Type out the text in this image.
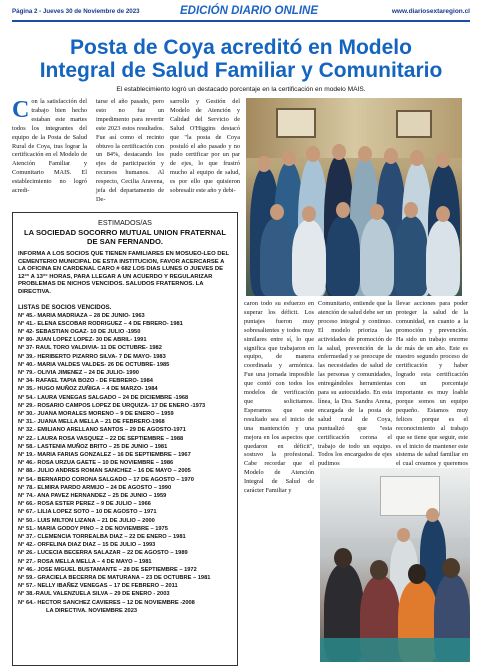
Página 2 - Jueves 30 de Noviembre de 2023	EDICIÓN DIARIO ONLINE	www.diariosextaregion.cl
Posta de Coya acreditó en Modelo
Integral de Salud Familiar y Comunitario
El establecimiento logró un destacado porcentaje en la certificación en modelo MAIS.
Con la satisfacción del trabajo bien hecho estaban este martes todos los integrantes del equipo de la Posta de Salud Rural de Coya, tras lograr la certificación en el Modelo de Atención Familiar y Comunitario MAIS. El establecimiento no logró acredi-
tarse el año pasado, pero esto no fue un impedimento para revertir este 2023 estos resultados. Fue así como el recinto obtuvo la certificación con un 84%, destacando los ejes de participación y recursos humanos. Al respecto, Cecilia Aravena, jefa del departamento de De-
sarrollo y Gestión del Modelo de Atención y Calidad del Servicio de Salud O'Higgins destacó que "la posta de Coya postuló el año pasado y no pudo certificar por un par de ejes, lo que frustró mucho al equipo de salud, es por ello que quisieron sobresalir este año y debi-
ESTIMADOS/AS
LA SOCIEDAD SOCORRO MUTUAL UNION FRATERNAL DE SAN FERNANDO.
INFORMA A LOS SOCIOS QUE TIENEN FAMILIARES EN MOSUEO-LEO DEL CEMENTERIO MUNICIPAL DE ESTA INSTITUCION, FAVOR ACERCARSE A LA OFICINA EN CARDENAL CARO # 682 LOS DIAS LUNES O JUEVES DE 12°° A 13°° HORAS, PARA LLEGAR A UN ACUERDO Y REGULARIZAR PROBLEMAS DE NICHOS VENCIDOS. SALUDOS FRATERNOS. LA DIRECTIVA.
LISTAS DE SOCIOS VENCIDOS.
N° 45.- MARIA MADRIAZA – 28 DE JUNIO- 1963
N° 41.- ELENA ESCOBAR RODRIGUEZ – 4 DE FBRERO- 1981
N° 42- SEBASTIAN OGAZ- 10 DE JULIO -1950
N° 80- JUAN LOPEZ LOPEZ- 30 DE ABRIL- 1991
N° 37- RAUL TORO VALDIVIA- 11 DE OCTUBRE- 1982
N° 39.- HERIBERTO PIZARRO SILVA- 7 DE MAYO- 1983
N° 40.- MARIA VALDES VALDES- 26 DE OCTUBRE- 1985
N° 79.- OLIVIA JIMENEZ – 24 DE JULIO- 1990
N° 34- RAFAEL TAPIA BOZO - DE FEBRERO- 1984
N° 35.- HUGO MUÑOZ ZUÑIGA – 4 DE MARZO- 1984
N° 54.- LAURA VENEGAS SALGADO – 24 DE DICIEMBRE -1968
N° 29.- ROSARIO CAMPOS LOPEZ DE URQUIZA- 17 DE ENERO -1973
N° 30.- JUANA MORALES MORENO – 9 DE ENERO – 1959
N° 31.- JUANA MELLA MELLA – 21 DE FEBRERO-1968
N° 32.- EMILIANO ARELLANO SANTOS – 29 DE AGOSTO-1971
N° 22.- LAURA ROSA VASQUEZ – 22 DE SEPTIEMBRE – 1988
N° 58.- LASTENIA MUÑOZ BRITO – 25 DE JUNIO – 1981
N° 19.- MARIA FARIAS GONZALEZ – 16 DE SEPTIEMBRE – 1967
N° 46.- ROSA URZUA GAETE – 10 DE NOVIEMBRE – 1986
N° 88.- JULIO ANDRES ROMAN SANCHEZ – 16 DE MAYO – 2005
N° 54.- BERNARDO CORONA SALGADO – 17 DE AGOSTO – 1970
N° 78.- ELMIRA PARDO ARMIJO – 24 DE AGOSTO – 1990
N° 74.- ANA PAVEZ HERNANDEZ – 25 DE JUNIO – 1959
N° 66.- ROSA ESTER PEREZ – 9 DE JULIO – 1966
N° 67.- LILIA LOPEZ SOTO – 10 DE AGOSTO – 1971
N° 50.- LUIS MILTON LIZANA – 21 DE JULIO – 2000
N° 51.- MARIA GODOY PINO – 2 DE NOVIEMBRE – 1975
N° 37.- CLEMENCIA TORREALBA DIAZ – 22 DE ENERO – 1981
N° 42.- ORFELINA DIAZ DIAZ – 15 DE JULIO – 1993
N° 26.- LUCECIA BECERRA SALAZAR – 22 DE AGOSTO – 1989
N° 27.- ROSA MELLA MELLA – 4 DE MAYO – 1981
N° 46.- JOSE MIGUEL BUSTAMANTE – 28 DE SEPTIEMBRE – 1972
N° 59.- GRACIELA BECERRA DE MATURANA – 23 DE OCTUBRE – 1981
N° 57.- NELLY IBAÑEZ VENEGAS – 17 DE FEBRERO – 2011
N° 38.-RAUL VALENZUELA SILVA – 29 DE ENERO - 2003
N° 64.- HECTOR SANCHEZ CAVIERES – 12 DE NOVIEMBRE -2008
LA DIRECTIVA. NOVIEMBRE 2023
caron todo su esfuerzo en superar los déficit. Los puntajes fueron muy sobresalientes y todos muy similares entre sí, lo que significa que trabajaron en equipo, de manera coordinada y armónica. Fue una jornada imposible que contó con todos los modelos de verificación que solicitamos. Esperamos que este resultado sea el inicio de una mantención y una mejora en los aspectos que quedaron en déficit", sostuvo la profesional. Cabe recordar que el Modelo de Atención Integral de Salud de carácter Familiar y
Comunitario, entiende que la atención de salud debe ser un proceso integral y continuo. El modelo prioriza las actividades de promoción de la salud, prevención de la enfermedad y se preocupe de las necesidades de salud de las personas y comunidades, entregándoles herramientas para su autocuidado. En esta línea, la Dra. Sandra Arena, encargada de la posta de salud rural de Coya, puntualizó que "esta certificación corona el trabajo de todo un equipo. Todos los encargados de ejes pudimos
llevar acciones para poder proteger la salud de la comunidad, en cuanto a la promoción y prevención. Ha sido un trabajo enorme de más de un año. Este es nuestro segundo proceso de certificación y haber logrado esta certificación con un porcentaje importante es muy loable porque somos un equipo pequeño. Estamos muy felices porque es el reconocimiento al trabajo que se tiene que seguir, este es el inicio de mantener este sistema de salud familiar en el cual creamos y queremos
